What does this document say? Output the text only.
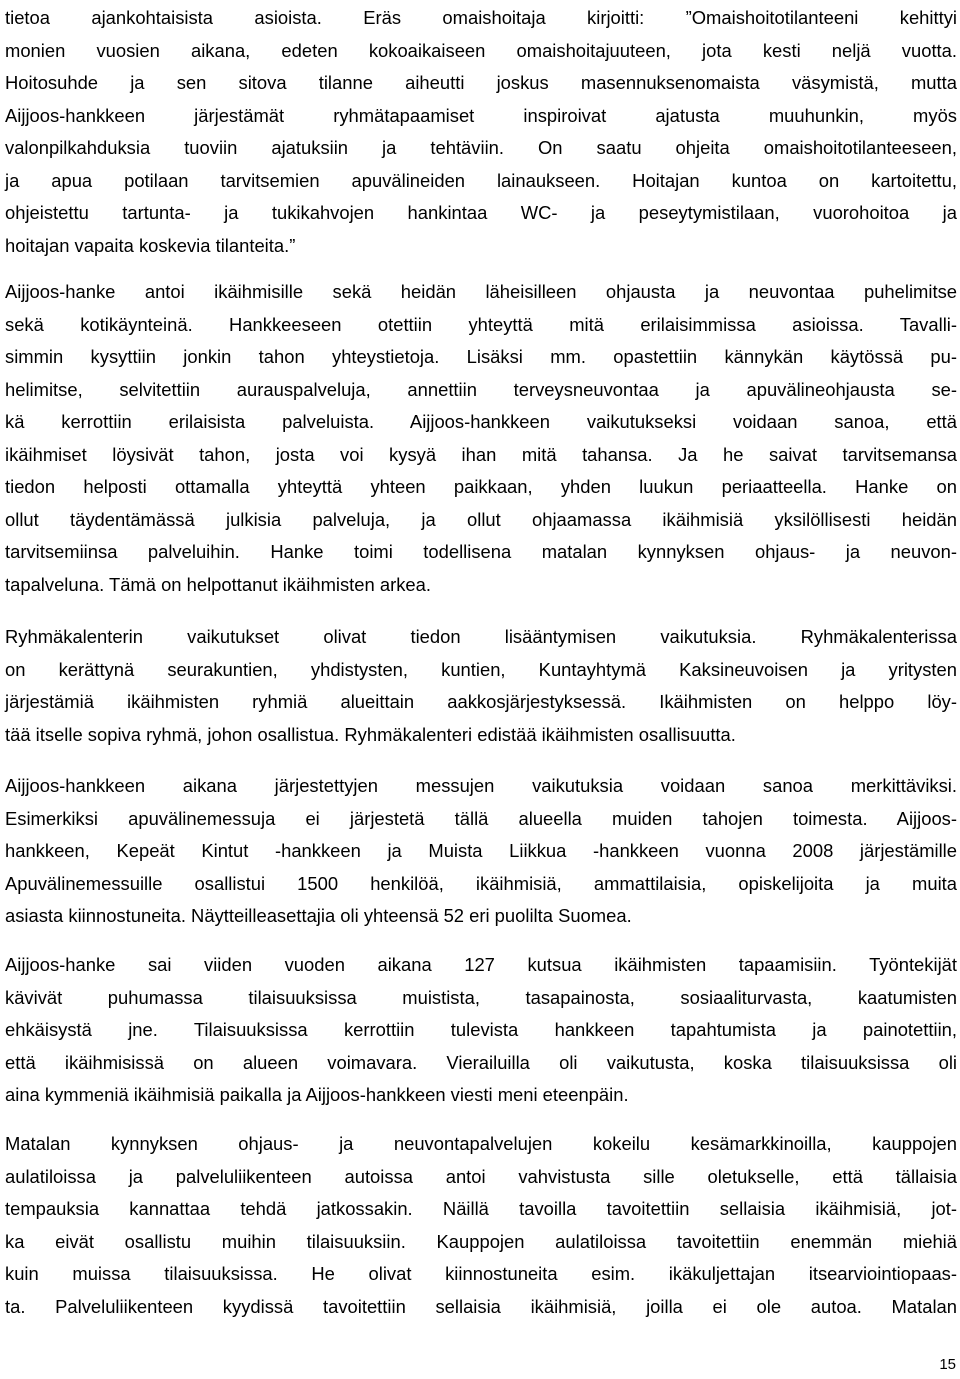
tietoa ajankohtaisista asioista. Eräs omaishoitaja kirjoitti: ”Omaishoitotilanteeni kehittyi
monien vuosien aikana, edeten kokoaikaiseen omaishoitajuuteen, jota kesti neljä vuotta.
Hoitosuhde ja sen sitova tilanne aiheutti joskus masennuksenomaista väsymistä, mutta
Aijjoos-hankkeen järjestämät ryhmätapaamiset inspiroivat ajatusta muuhunkin, myös
valonpilkahduksia tuoviin ajatuksiin ja tehtäviin. On saatu ohjeita omaishoitotilanteeseen,
ja apua potilaan tarvitsemien apuvälineiden lainaukseen. Hoitajan kuntoa on kartoitettu,
ohjeistettu tartunta- ja tukikahvojen hankintaa WC- ja peseytymistilaan, vuorohoitoa ja
hoitajan vapaita koskevia tilanteita.”
Aijjoos-hanke antoi ikäihmisille sekä heidän läheisilleen ohjausta ja neuvontaa puhelimitse
sekä kotikäynteinä. Hankkeeseen otettiin yhteyttä mitä erilaisimmissa asioissa. Tavalli-
simmin kysyttiin jonkin tahon yhteystietoja. Lisäksi mm. opastettiin kännykän käytössä pu-
helimitse, selvitettiin aurauspalveluja, annettiin terveysneuvontaa ja apuvälineohjausta se-
kä kerrottiin erilaisista palveluista. Aijjoos-hankkeen vaikutukseksi voidaan sanoa, että
ikäihmiset löysivät tahon, josta voi kysyä ihan mitä tahansa. Ja he saivat tarvitsemansa
tiedon helposti ottamalla yhteyttä yhteen paikkaan, yhden luukun periaatteella. Hanke on
ollut täydentämässä julkisia palveluja, ja ollut ohjaamassa ikäihmisiä yksilöllisesti heidän
tarvitsemiinsa palveluihin. Hanke toimi todellisena matalan kynnyksen ohjaus- ja neuvon-
tapalveluna. Tämä on helpottanut ikäihmisten arkea.
Ryhmäkalenterin vaikutukset olivat tiedon lisääntymisen vaikutuksia. Ryhmäkalenterissa
on kerättynä seurakuntien, yhdistysten, kuntien, Kuntayhtymä Kaksineuvoisen ja yritysten
järjestämiä ikäihmisten ryhmiä alueittain aakkosjärjestyksessä. Ikäihmisten on helppo löy-
tää itselle sopiva ryhmä, johon osallistua. Ryhmäkalenteri edistää ikäihmisten osallisuutta.
Aijjoos-hankkeen aikana järjestettyjen messujen vaikutuksia voidaan sanoa merkittäviksi.
Esimerkiksi apuvälinemessuja ei järjestetä tällä alueella muiden tahojen toimesta. Aijjoos-
hankkeen, Kepeät Kintut -hankkeen ja Muista Liikkua -hankkeen vuonna 2008 järjestämille
Apuvälinemessuille osallistui 1500 henkilöä, ikäihmisiä, ammattilaisia, opiskelijoita ja muita
asiasta kiinnostuneita. Näytteilleasettajia oli yhteensä 52 eri puolilta Suomea.
Aijjoos-hanke sai viiden vuoden aikana 127 kutsua ikäihmisten tapaamisiin. Työntekijät
kävivät puhumassa tilaisuuksissa muistista, tasapainosta, sosiaaliturvasta, kaatumisten
ehkäisystä jne. Tilaisuuksissa kerrottiin tulevista hankkeen tapahtumista ja painotettiin,
että ikäihmisissä on alueen voimavara. Vierailuilla oli vaikutusta, koska tilaisuuksissa oli
aina kymmeniä ikäihmisiä paikalla ja Aijjoos-hankkeen viesti meni eteenpäin.
Matalan kynnyksen ohjaus- ja neuvontapalvelujen kokeilu kesämarkkinoilla, kauppojen
aulatiloissa ja palveluliikenteen autoissa antoi vahvistusta sille oletukselle, että tällaisia
tempauksia kannattaa tehdä jatkossakin. Näillä tavoilla tavoitettiin sellaisia ikäihmisiä, jot-
ka eivät osallistu muihin tilaisuuksiin. Kauppojen aulatiloissa tavoitettiin enemmän miehiä
kuin muissa tilaisuuksissa. He olivat kiinnostuneita esim. ikäkuljettajan itsearviointiopaas-
ta. Palveluliikenteen kyydissä tavoitettiin sellaisia ikäihmisiä, joilla ei ole autoa. Matalan
15
